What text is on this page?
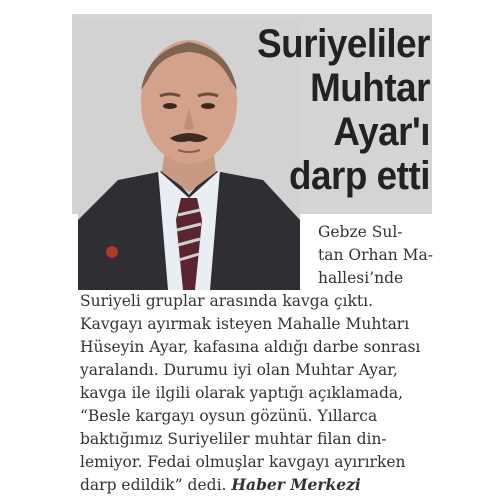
Suriyeliler
Muhtar
Ayar'ı
darp etti
Gebze Sul-
tan Orhan Ma-
hallesi’nde
Suriyeli gruplar arasında kavga çıktı.
Kavgayı ayırmak isteyen Mahalle Muhtarı
Hüseyin Ayar, kafasına aldığı darbe sonrası
yaralandı. Durumu iyi olan Muhtar Ayar,
kavga ile ilgili olarak yaptığı açıklamada,
“Besle kargayı oysun gözünü. Yıllarca
baktığımız Suriyeliler muhtar filan din-
lemiyor. Fedai olmuşlar kavgayı ayırırken
darp edildik” dedi. Haber Merkezi
